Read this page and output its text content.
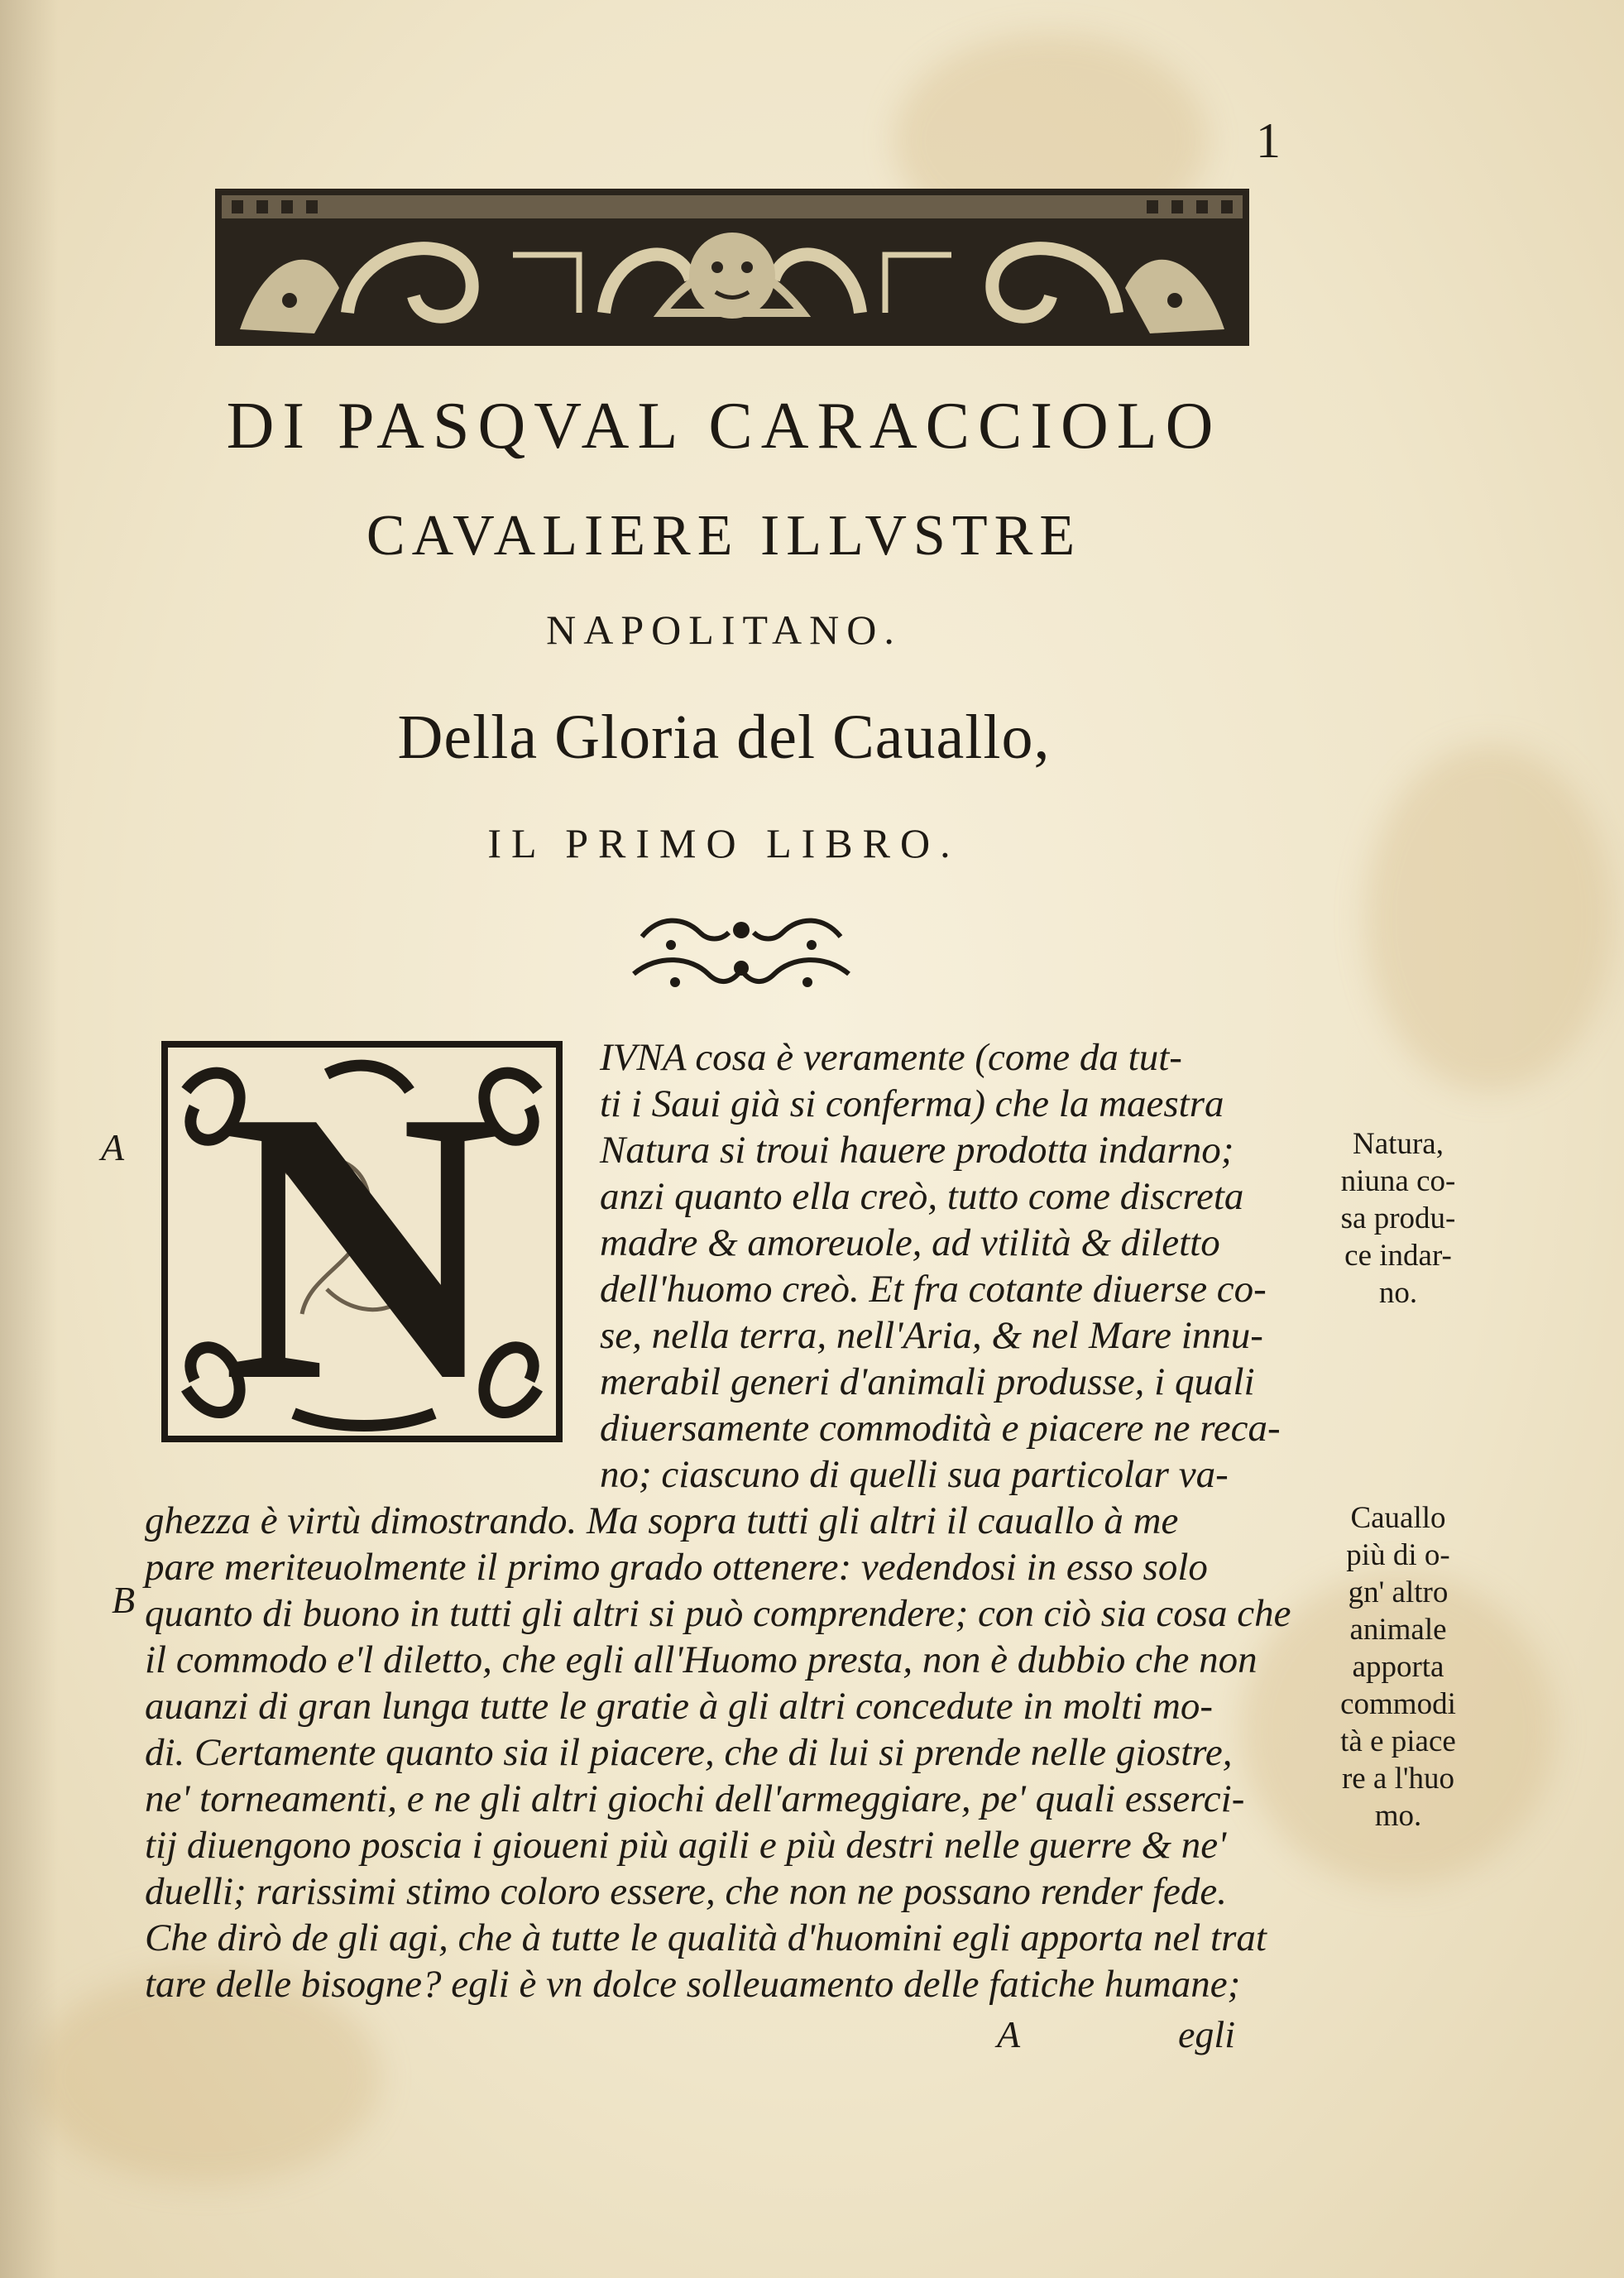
1
DI PASQVAL CARACCIOLO
CAVALIERE ILLVSTRE
NAPOLITANO.
Della Gloria del Cauallo,
IL PRIMO LIBRO.
N
A
B
IVNA cosa è veramente (come da tut-
ti i Saui già si conferma) che la maestra
Natura si troui hauere prodotta indarno;
anzi quanto ella creò, tutto come discreta
madre & amoreuole, ad vtilità & diletto
dell'huomo creò. Et fra cotante diuerse co-
se, nella terra, nell'Aria, & nel Mare innu-
merabil generi d'animali produsse, i quali
diuersamente commodità e piacere ne reca-
no; ciascuno di quelli sua particolar va-
ghezza è virtù dimostrando. Ma sopra tutti gli altri il cauallo à me
pare meriteuolmente il primo grado ottenere: vedendosi in esso solo
quanto di buono in tutti gli altri si può comprendere; con ciò sia cosa che
il commodo e'l diletto, che egli all'Huomo presta, non è dubbio che non
auanzi di gran lunga tutte le gratie à gli altri concedute in molti mo-
di. Certamente quanto sia il piacere, che di lui si prende nelle giostre,
ne' torneamenti, e ne gli altri giochi dell'armeggiare, pe' quali esserci-
tij diuengono poscia i gioueni più agili e più destri nelle guerre & ne'
duelli; rarissimi stimo coloro essere, che non ne possano render fede.
Che dirò de gli agi, che à tutte le qualità d'huomini egli apporta nel trat
tare delle bisogne? egli è vn dolce solleuamento delle fatiche humane;
Natura,
niuna co-
sa produ-
ce indar-
no.
Cauallo
più di o-
gn' altro
animale
apporta
commodi
tà e piace
re a l'huo
mo.
A	egli
